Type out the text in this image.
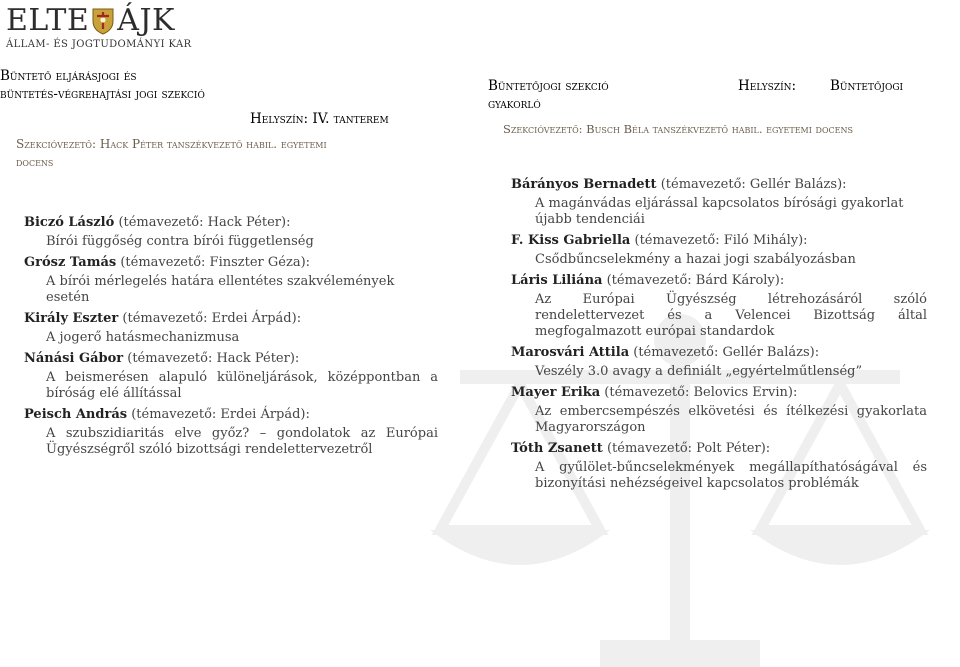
ELTE ÁJK
ÁLLAM- ÉS JOGTUDOMÁNYI KAR
Büntető eljárásjogi és
büntetés-végrehajtási jogi szekció
Helyszín: IV. tanterem
Szekcióvezető: Hack Péter tanszékvezető habil. egyetemi
docens
Biczó László (témavezető: Hack Péter):
Bírói függőség contra bírói függetlenség
Grósz Tamás (témavezető: Finszter Géza):
A bírói mérlegelés határa ellentétes szakvélemények esetén
Király Eszter (témavezető: Erdei Árpád):
A jogerő hatásmechanizmusa
Nánási Gábor (témavezető: Hack Péter):
A beismerésen alapuló különeljárások, középpontban a bíróság elé állítással
Peisch András (témavezető: Erdei Árpád):
A szubszidiaritás elve győz? – gondolatok az Európai Ügyészségről szóló bizottsági rendelettervezetről
Büntetőjogi szekció	Helyszín:	Büntetőjogi
gyakorló
Szekcióvezető: Busch Béla tanszékvezető habil. egyetemi docens
Bárányos Bernadett (témavezető: Gellér Balázs):
A magánvádas eljárással kapcsolatos bírósági gyakorlat újabb tendenciái
F. Kiss Gabriella (témavezető: Filó Mihály):
Csődbűncselekmény a hazai jogi szabályozásban
Láris Liliána (témavezető: Bárd Károly):
Az Európai Ügyészség létrehozásáról szóló rendelettervezet és a Velencei Bizottság által megfogalmazott európai standardok
Marosvári Attila (témavezető: Gellér Balázs):
Veszély 3.0 avagy a definiált „egyértelműtlenség”
Mayer Erika (témavezető: Belovics Ervin):
Az embercsempészés elkövetési és ítélkezési gyakorlata Magyarországon
Tóth Zsanett (témavezető: Polt Péter):
A gyűlölet-bűncselekmények megállapíthatóságával és bizonyítási nehézségeivel kapcsolatos problémák
